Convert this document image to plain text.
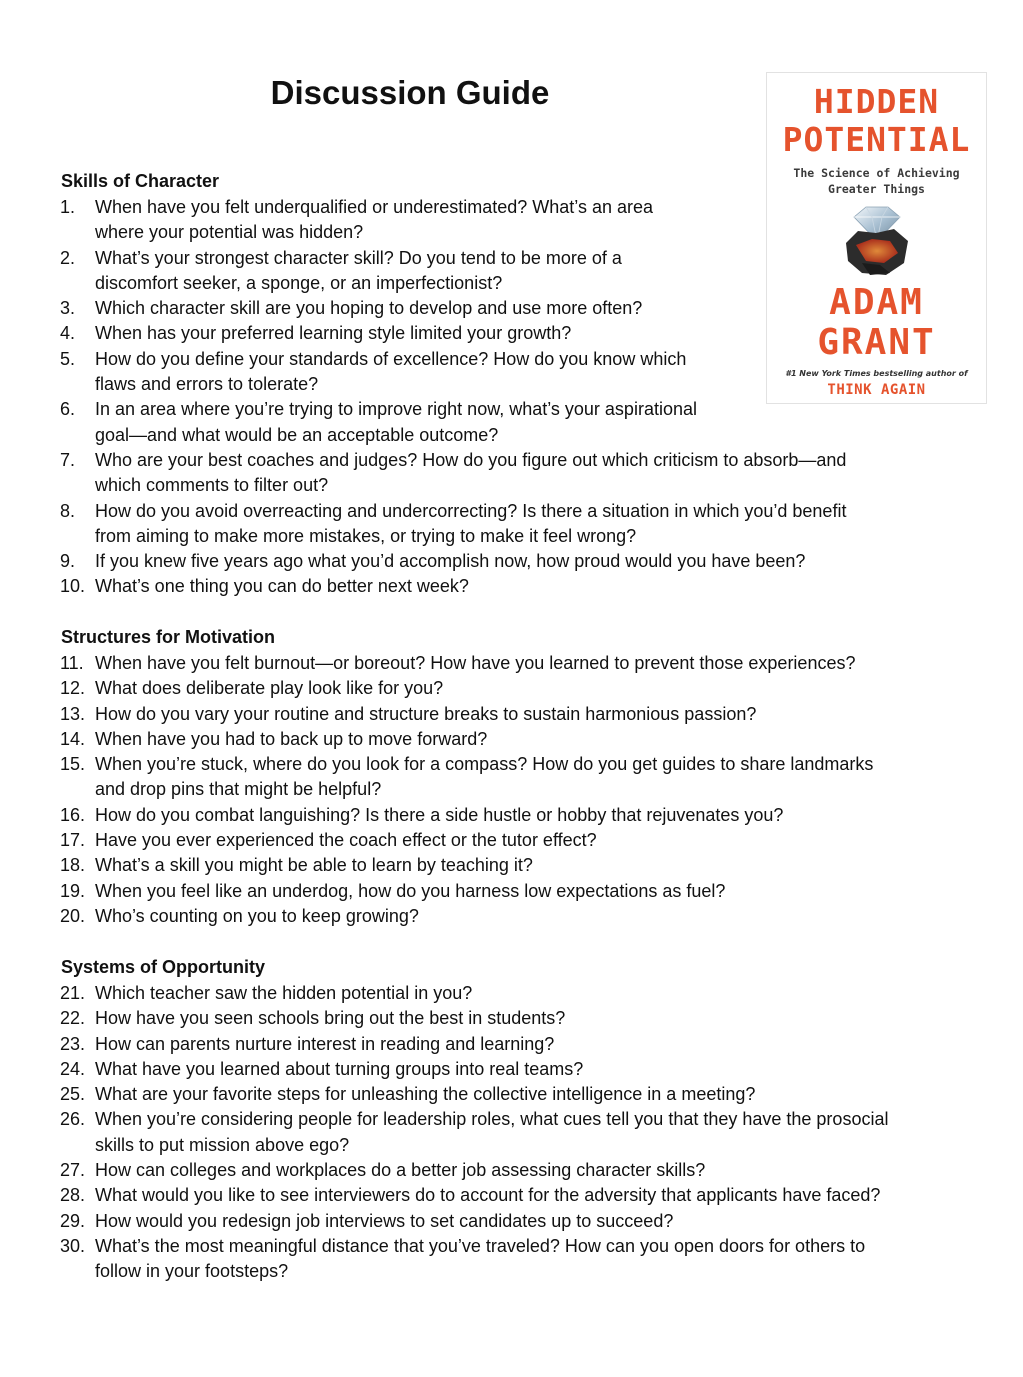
Discussion Guide	HIDDEN
POTENTIAL
The Science of Achieving
Greater Things
ADAM
GRANT
#1 New York Times bestselling author of
THINK AGAIN
Skills of Character
1.	When have you felt underqualified or underestimated? What’s an area
where your potential was hidden?
2.	What’s your strongest character skill? Do you tend to be more of a
discomfort seeker, a sponge, or an imperfectionist?
3.	Which character skill are you hoping to develop and use more often?
4.	When has your preferred learning style limited your growth?
5.	How do you define your standards of excellence? How do you know which
flaws and errors to tolerate?
6.	In an area where you’re trying to improve right now, what’s your aspirational
goal—and what would be an acceptable outcome?
7.	Who are your best coaches and judges? How do you figure out which criticism to absorb—and
which comments to filter out?
8.	How do you avoid overreacting and undercorrecting? Is there a situation in which you’d benefit
from aiming to make more mistakes, or trying to make it feel wrong?
9.	If you knew five years ago what you’d accomplish now, how proud would you have been?
10. What’s one thing you can do better next week?
Structures for Motivation
11. When have you felt burnout—or boreout? How have you learned to prevent those experiences?
12. What does deliberate play look like for you?
13. How do you vary your routine and structure breaks to sustain harmonious passion?
14. When have you had to back up to move forward?
15. When you’re stuck, where do you look for a compass? How do you get guides to share landmarks
and drop pins that might be helpful?
16. How do you combat languishing? Is there a side hustle or hobby that rejuvenates you?
17. Have you ever experienced the coach effect or the tutor effect?
18. What’s a skill you might be able to learn by teaching it?
19. When you feel like an underdog, how do you harness low expectations as fuel?
20. Who’s counting on you to keep growing?
Systems of Opportunity
21. Which teacher saw the hidden potential in you?
22. How have you seen schools bring out the best in students?
23. How can parents nurture interest in reading and learning?
24. What have you learned about turning groups into real teams?
25. What are your favorite steps for unleashing the collective intelligence in a meeting?
26. When you’re considering people for leadership roles, what cues tell you that they have the prosocial
skills to put mission above ego?
27. How can colleges and workplaces do a better job assessing character skills?
28. What would you like to see interviewers do to account for the adversity that applicants have faced?
29. How would you redesign job interviews to set candidates up to succeed?
30. What’s the most meaningful distance that you’ve traveled? How can you open doors for others to
follow in your footsteps?
